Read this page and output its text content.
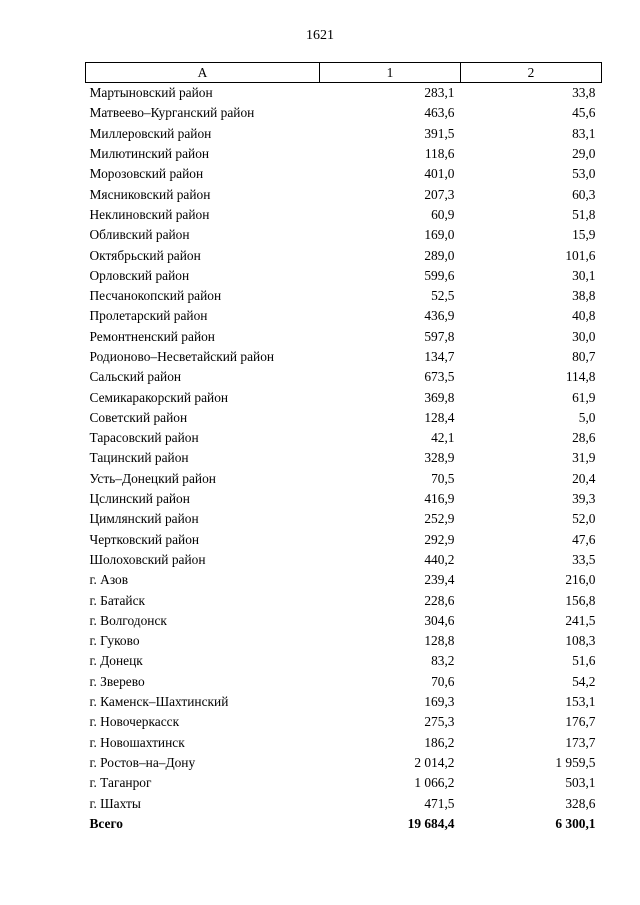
1621
А	1	2
Мартыновский район	283,1	33,8
Матвеево–Курганский район	463,6	45,6
Миллеровский район	391,5	83,1
Милютинский район	118,6	29,0
Морозовский район	401,0	53,0
Мясниковский район	207,3	60,3
Неклиновский район	60,9	51,8
Обливский район	169,0	15,9
Октябрьский район	289,0	101,6
Орловский район	599,6	30,1
Песчанокопский район	52,5	38,8
Пролетарский район	436,9	40,8
Ремонтненский район	597,8	30,0
Родионово–Несветайский район	134,7	80,7
Сальский район	673,5	114,8
Семикаракорский район	369,8	61,9
Советский район	128,4	5,0
Тарасовский район	42,1	28,6
Тацинский район	328,9	31,9
Усть–Донецкий район	70,5	20,4
Цслинский район	416,9	39,3
Цимлянский район	252,9	52,0
Чертковский район	292,9	47,6
Шолоховский район	440,2	33,5
г. Азов	239,4	216,0
г. Батайск	228,6	156,8
г. Волгодонск	304,6	241,5
г. Гуково	128,8	108,3
г. Донецк	83,2	51,6
г. Зверево	70,6	54,2
г. Каменск–Шахтинский	169,3	153,1
г. Новочеркасск	275,3	176,7
г. Новошахтинск	186,2	173,7
г. Ростов–на–Дону	2 014,2	1 959,5
г. Таганрог	1 066,2	503,1
г. Шахты	471,5	328,6
Всего	19 684,4	6 300,1
